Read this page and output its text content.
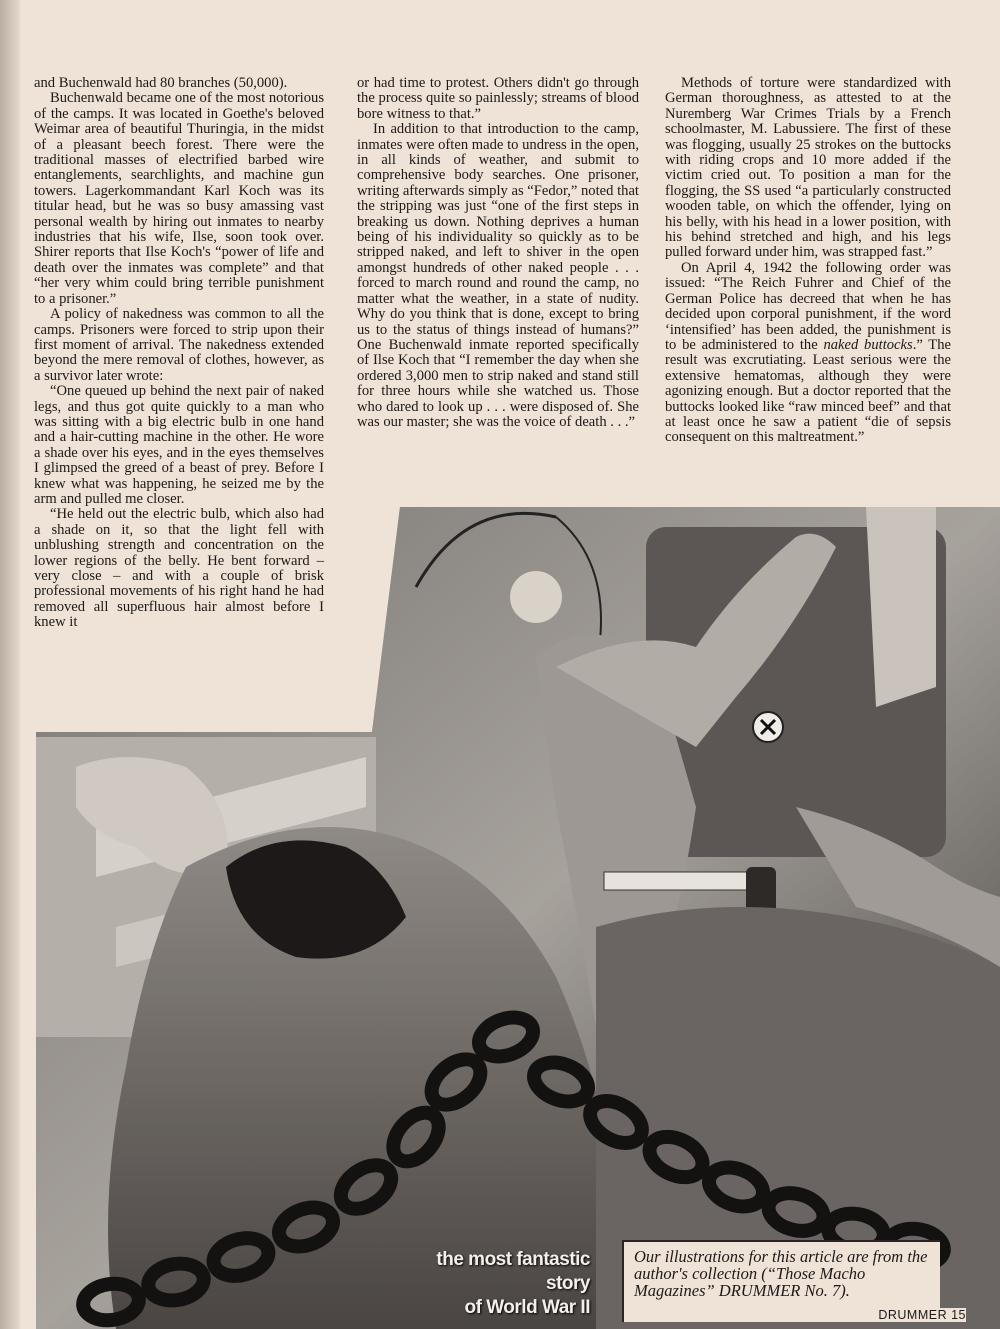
and Buchenwald had 80 branches (50,000).

Buchenwald became one of the most notorious of the camps. It was located in Goethe's beloved Weimar area of beautiful Thuringia, in the midst of a pleasant beech forest. There were the traditional masses of electrified barbed wire entanglements, searchlights, and machine gun towers. Lagerkommandant Karl Koch was its titular head, but he was so busy amassing vast personal wealth by hiring out inmates to nearby industries that his wife, Ilse, soon took over. Shirer reports that Ilse Koch's “power of life and death over the inmates was complete” and that “her very whim could bring terrible punishment to a prisoner.”

A policy of nakedness was common to all the camps. Prisoners were forced to strip upon their first moment of arrival. The nakedness extended beyond the mere removal of clothes, however, as a survivor later wrote:

“One queued up behind the next pair of naked legs, and thus got quite quickly to a man who was sitting with a big electric bulb in one hand and a hair-cutting machine in the other. He wore a shade over his eyes, and in the eyes themselves I glimpsed the greed of a beast of prey. Before I knew what was happening, he seized me by the arm and pulled me closer.

“He held out the electric bulb, which also had a shade on it, so that the light fell with unblushing strength and concentration on the lower regions of the belly. He bent forward – very close – and with a couple of brisk professional movements of his right hand he had removed all superfluous hair almost before I knew it

or had time to protest. Others didn't go through the process quite so painlessly; streams of blood bore witness to that.”

In addition to that introduction to the camp, inmates were often made to undress in the open, in all kinds of weather, and submit to comprehensive body searches. One prisoner, writing afterwards simply as “Fedor,” noted that the stripping was just “one of the first steps in breaking us down. Nothing deprives a human being of his individuality so quickly as to be stripped naked, and left to shiver in the open amongst hundreds of other naked people . . . forced to march round and round the camp, no matter what the weather, in a state of nudity. Why do you think that is done, except to bring us to the status of things instead of humans?” One Buchenwald inmate reported specifically of Ilse Koch that “I remember the day when she ordered 3,000 men to strip naked and stand still for three hours while she watched us. Those who dared to look up . . . were disposed of. She was our master; she was the voice of death . . .”

Methods of torture were standardized with German thoroughness, as attested to at the Nuremberg War Crimes Trials by a French schoolmaster, M. Labussiere. The first of these was flogging, usually 25 strokes on the buttocks with riding crops and 10 more added if the victim cried out. To position a man for the flogging, the SS used “a particularly constructed wooden table, on which the offender, lying on his belly, with his head in a lower position, with his behind stretched and high, and his legs pulled forward under him, was strapped fast.”

On April 4, 1942 the following order was issued: “The Reich Fuhrer and Chief of the German Police has decreed that when he has decided upon corporal punishment, if the word ‘intensified’ has been added, the punishment is to be administered to the naked buttocks.” The result was excrutiating. Least serious were the extensive hematomas, although they were agonizing enough. But a doctor reported that the buttocks looked like “raw minced beef” and that at least once he saw a patient “die of sepsis consequent on this maltreatment.”

the most fantastic
story
of World War II
Our illustrations for this article are from the author's collection (“Those Macho Magazines” DRUMMER No. 7).
DRUMMER 15
